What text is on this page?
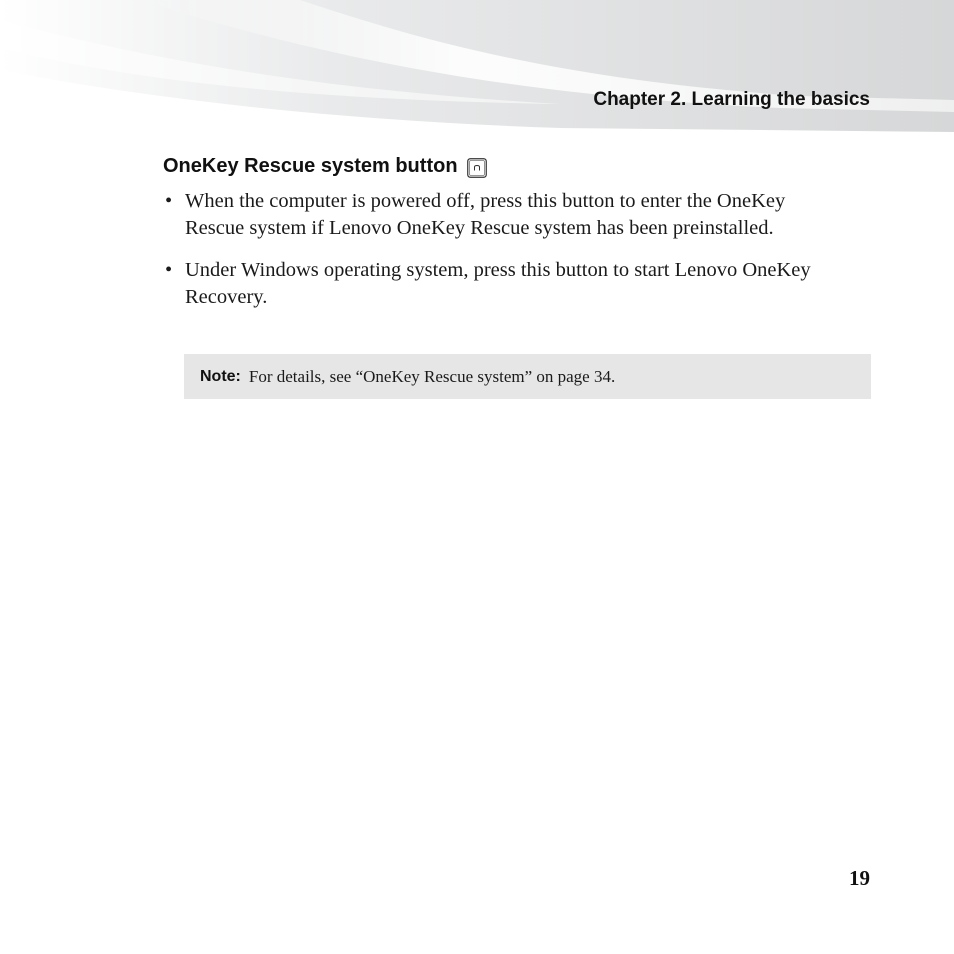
Chapter 2. Learning the basics
OneKey Rescue system button
• When the computer is powered off, press this button to enter the OneKey Rescue system if Lenovo OneKey Rescue system has been preinstalled.
• Under Windows operating system, press this button to start Lenovo OneKey Recovery.
Note: For details, see “OneKey Rescue system” on page 34.
19
